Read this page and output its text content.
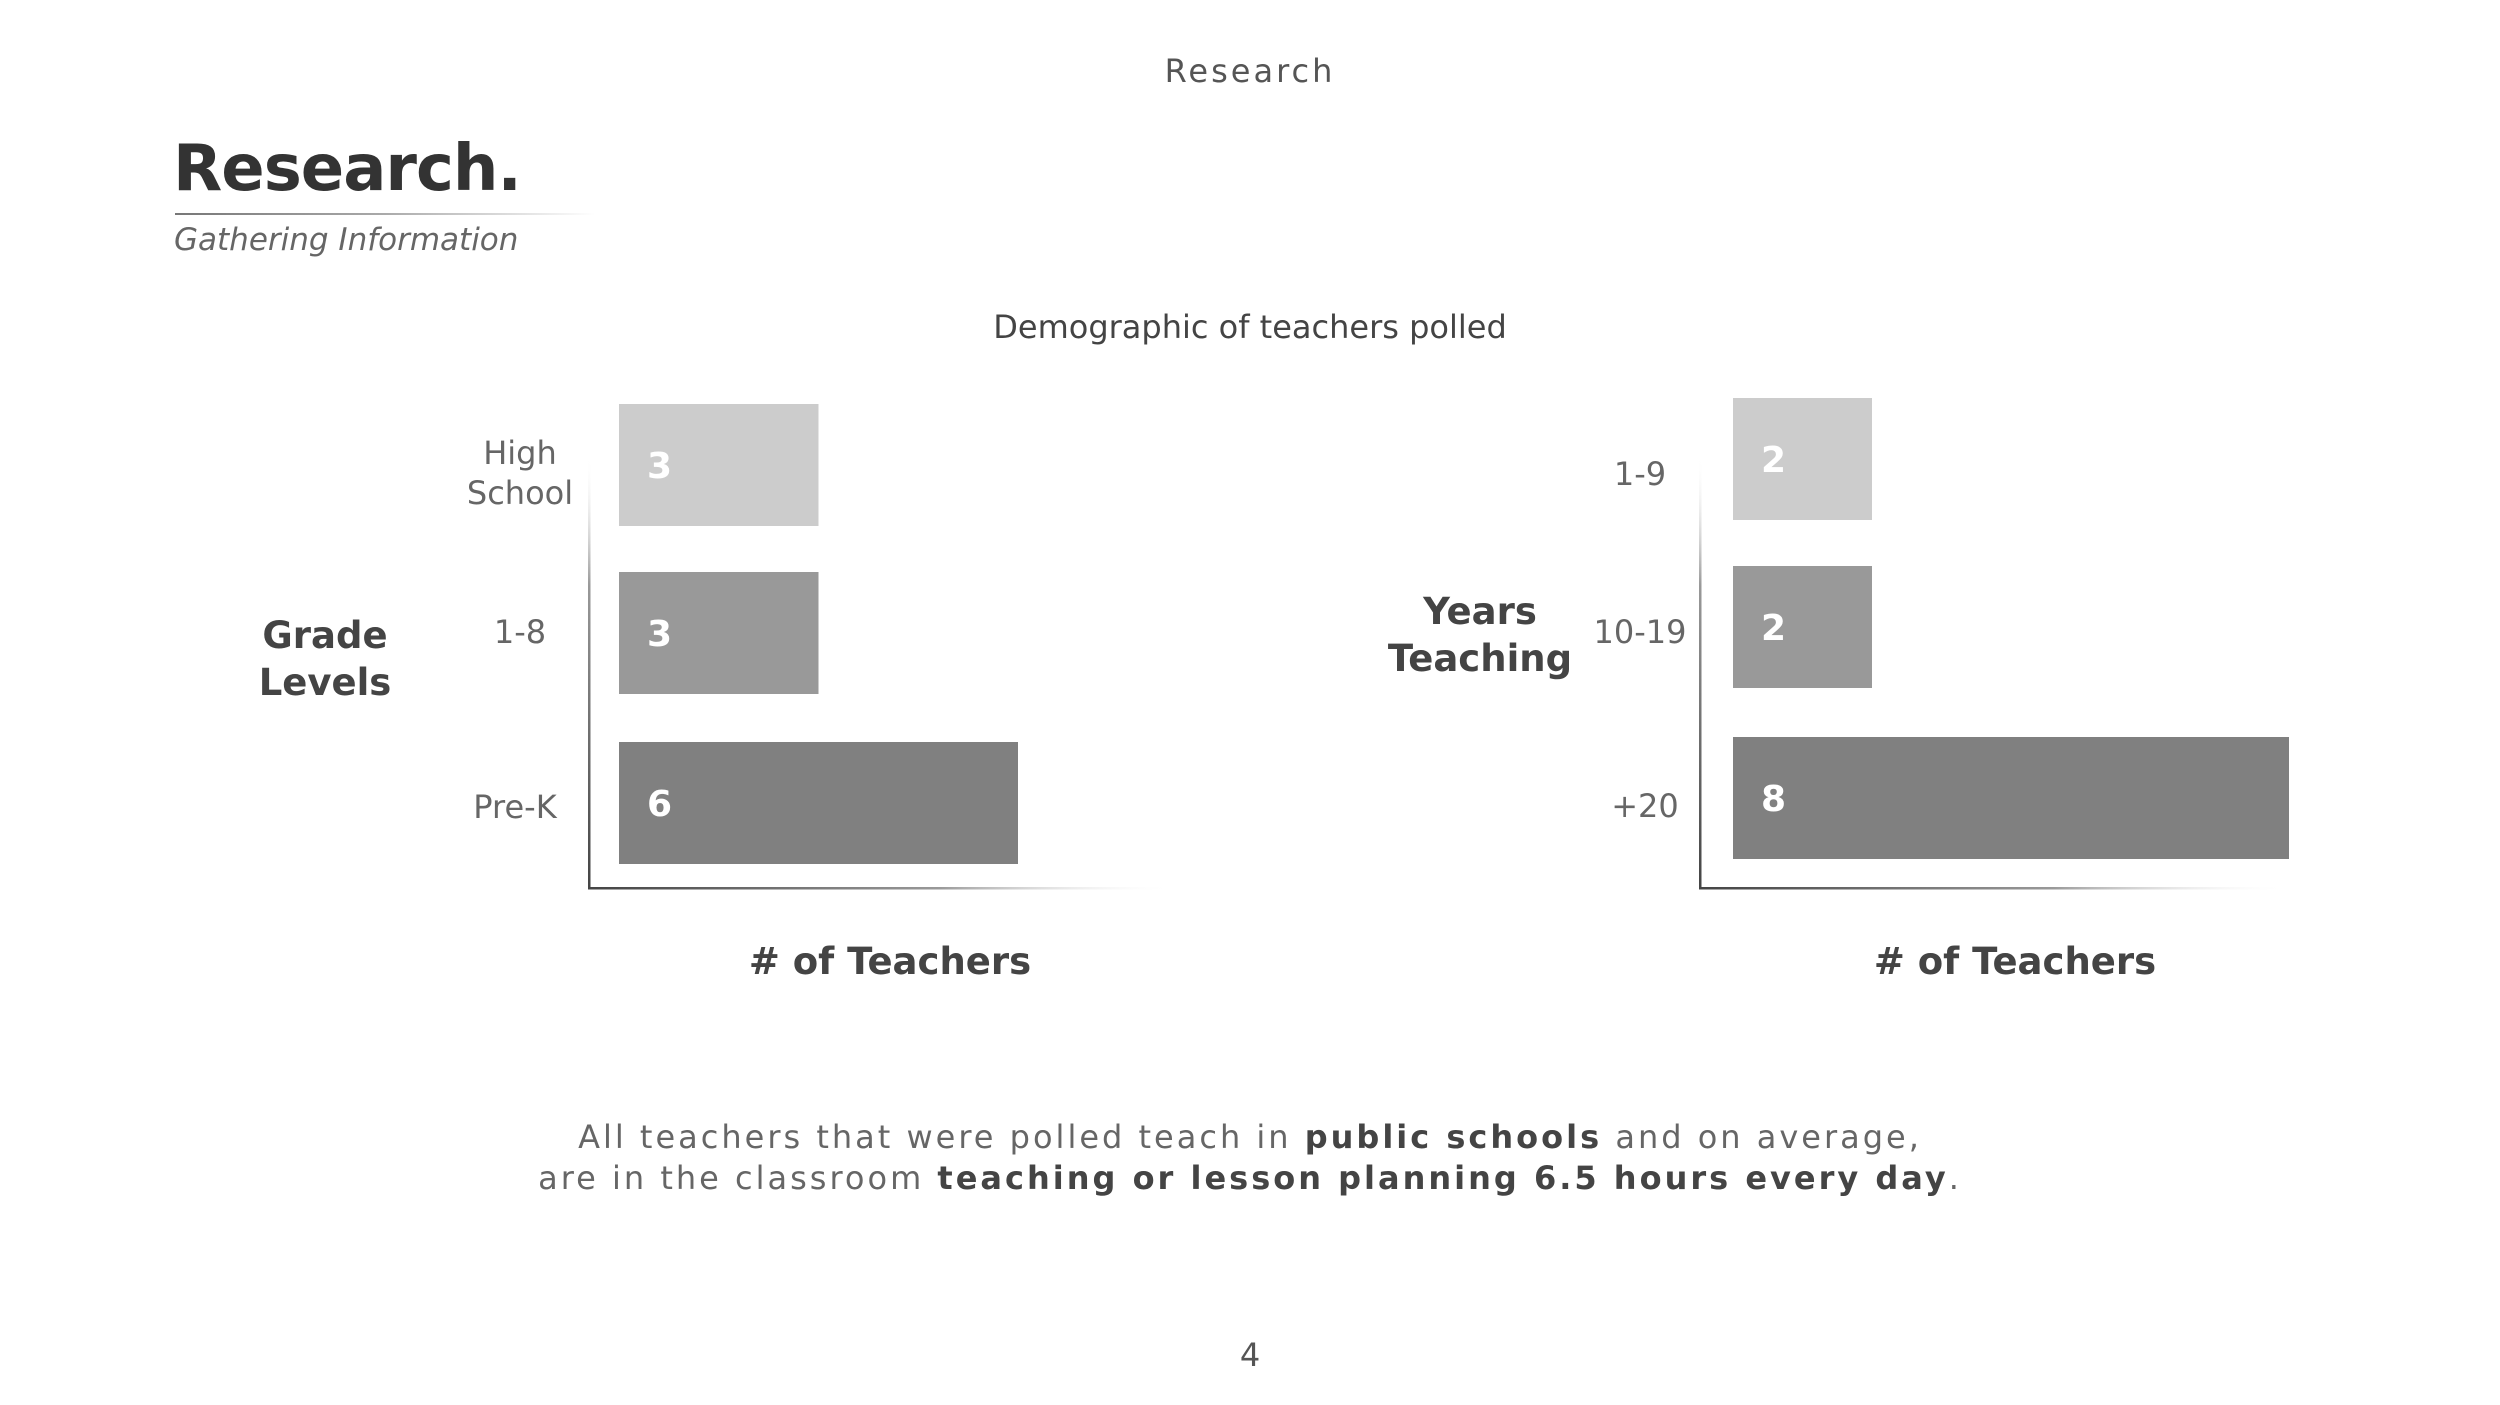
Research
Research.
Gathering Information
Demographic of teachers polled
3
3
6
Grade Levels
# of Teachers
High School
1-8
Pre-K
2
2
8
Years Teaching
# of Teachers
1-9
10-19
+20
All teachers that were polled teach in public schools and on average,
are in the classroom teaching or lesson planning 6.5 hours every day.
4
